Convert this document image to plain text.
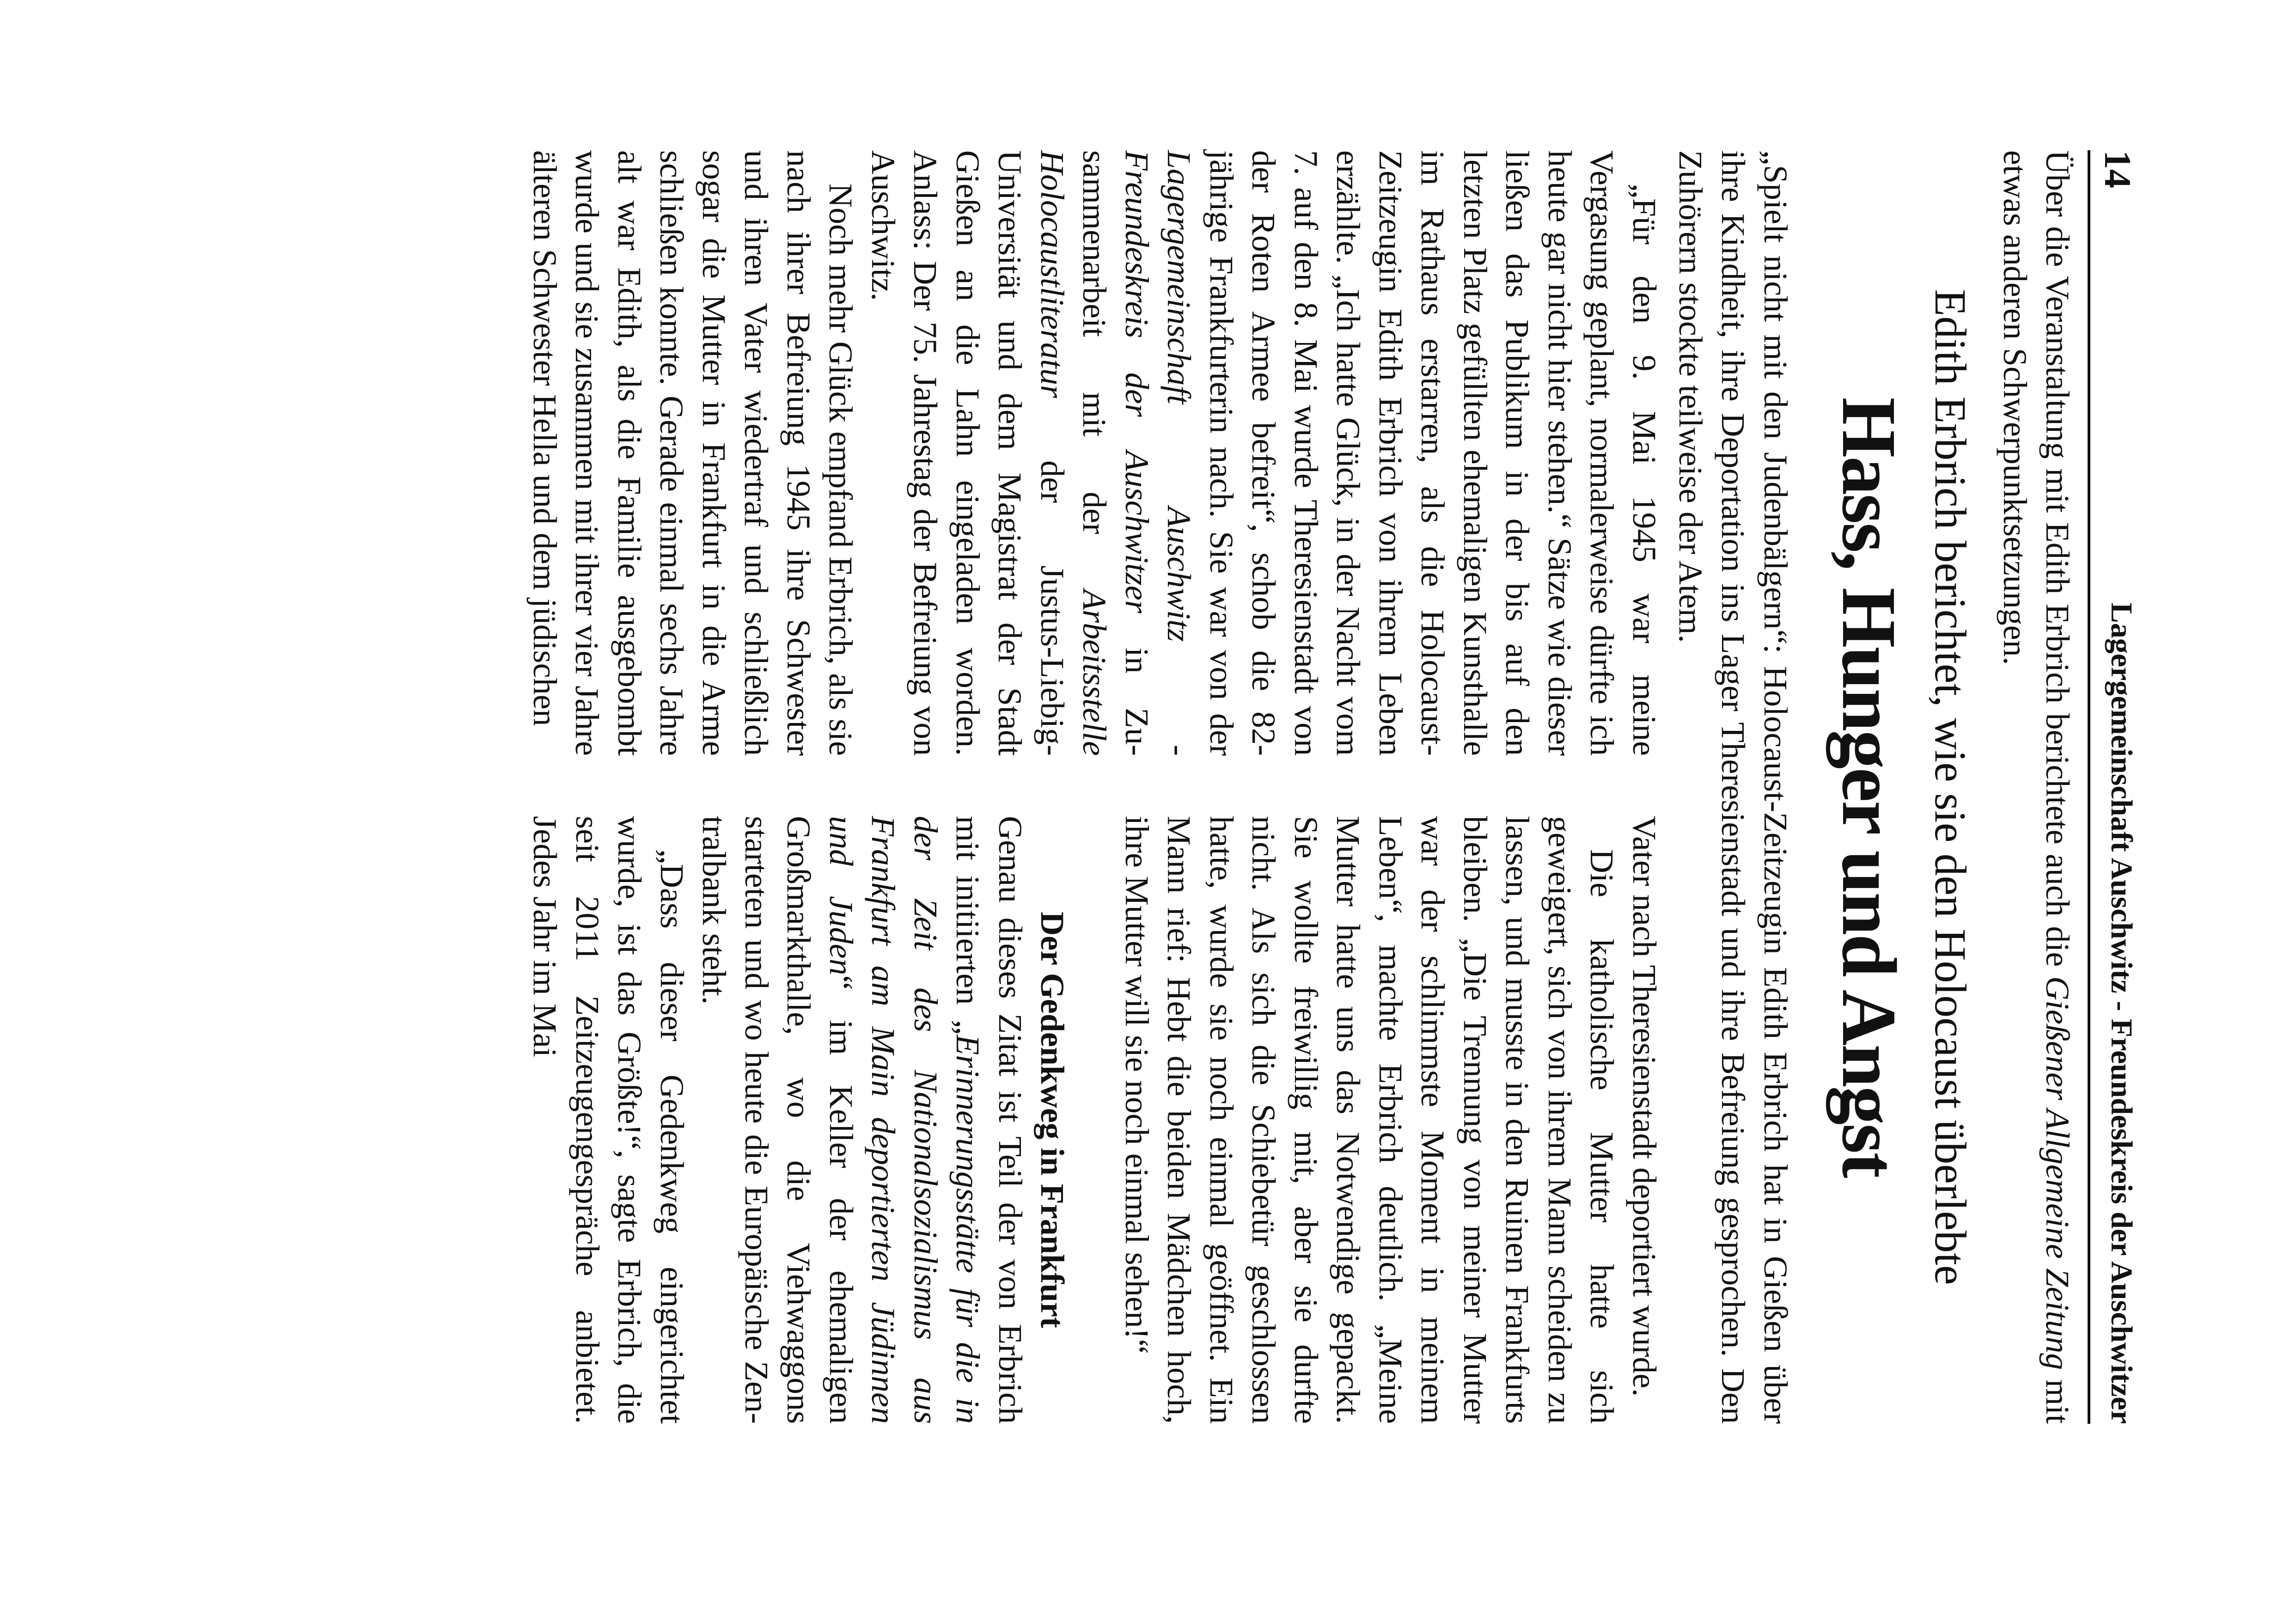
14
Lagergemeinschaft Auschwitz - Freundeskreis der Auschwitzer

Über die Veranstaltung mit Edith Erbrich berichtete auch die Gießener Allgemeine Zeitung mit etwas anderen Schwerpunktsetzungen.

Edith Erbrich berichtet, wie sie den Holocaust überlebte
Hass, Hunger und Angst

„Spielt nicht mit den Judenbälgern“: Holocaust-Zeitzeugin Edith Erbrich hat in Gießen über ihre Kindheit, ihre Deportation ins Lager Theresienstadt und ihre Befreiung gesprochen. Den Zuhörern stockte teilweise der Atem.

„Für den 9. Mai 1945 war meine Vergasung geplant, normalerweise dürfte ich heute gar nicht hier stehen.“ Sätze wie dieser ließen das Publikum in der bis auf den letzten Platz gefüllten ehemaligen Kunsthalle im Rathaus erstarren, als die Holocaust-Zeitzeugin Edith Erbrich von ihrem Leben erzählte. „Ich hatte Glück, in der Nacht vom 7. auf den 8. Mai wurde Theresienstadt von der Roten Armee befreit“, schob die 82-jährige Frankfurterin nach. Sie war von der Lagergemeinschaft Auschwitz - Freundeskreis der Auschwitzer in Zusammenarbeit mit der Arbeitsstelle Holocaustliteratur der Justus-Liebig-Universität und dem Magistrat der Stadt Gießen an die Lahn eingeladen worden. Anlass: Der 75. Jahrestag der Befreiung von Auschwitz.

Noch mehr Glück empfand Erbrich, als sie nach ihrer Befreiung 1945 ihre Schwester und ihren Vater wiedertraf und schließlich sogar die Mutter in Frankfurt in die Arme schließen konnte. Gerade einmal sechs Jahre alt war Edith, als die Familie ausgebombt wurde und sie zusammen mit ihrer vier Jahre älteren Schwester Hella und dem jüdischen

Vater nach Theresienstadt deportiert wurde.

Die katholische Mutter hatte sich geweigert, sich von ihrem Mann scheiden zu lassen, und musste in den Ruinen Frankfurts bleiben. „Die Trennung von meiner Mutter war der schlimmste Moment in meinem Leben“, machte Erbrich deutlich. „Meine Mutter hatte uns das Notwendige gepackt. Sie wollte freiwillig mit, aber sie durfte nicht. Als sich die Schiebetür geschlossen hatte, wurde sie noch einmal geöffnet. Ein Mann rief: Hebt die beiden Mädchen hoch, ihre Mutter will sie noch einmal sehen!“

Der Gedenkweg in Frankfurt

Genau dieses Zitat ist Teil der von Erbrich mit initiierten „Erinnerungsstätte für die in der Zeit des Nationalsozialismus aus Frankfurt am Main deportierten Jüdinnen und Juden“ im Keller der ehemaligen Großmarkthalle, wo die Viehwaggons starteten und wo heute die Europäische Zentralbank steht.

„Dass dieser Gedenkweg eingerichtet wurde, ist das Größte!“, sagte Erbrich, die seit 2011 Zeitzeugengespräche anbietet. Jedes Jahr im Mai
